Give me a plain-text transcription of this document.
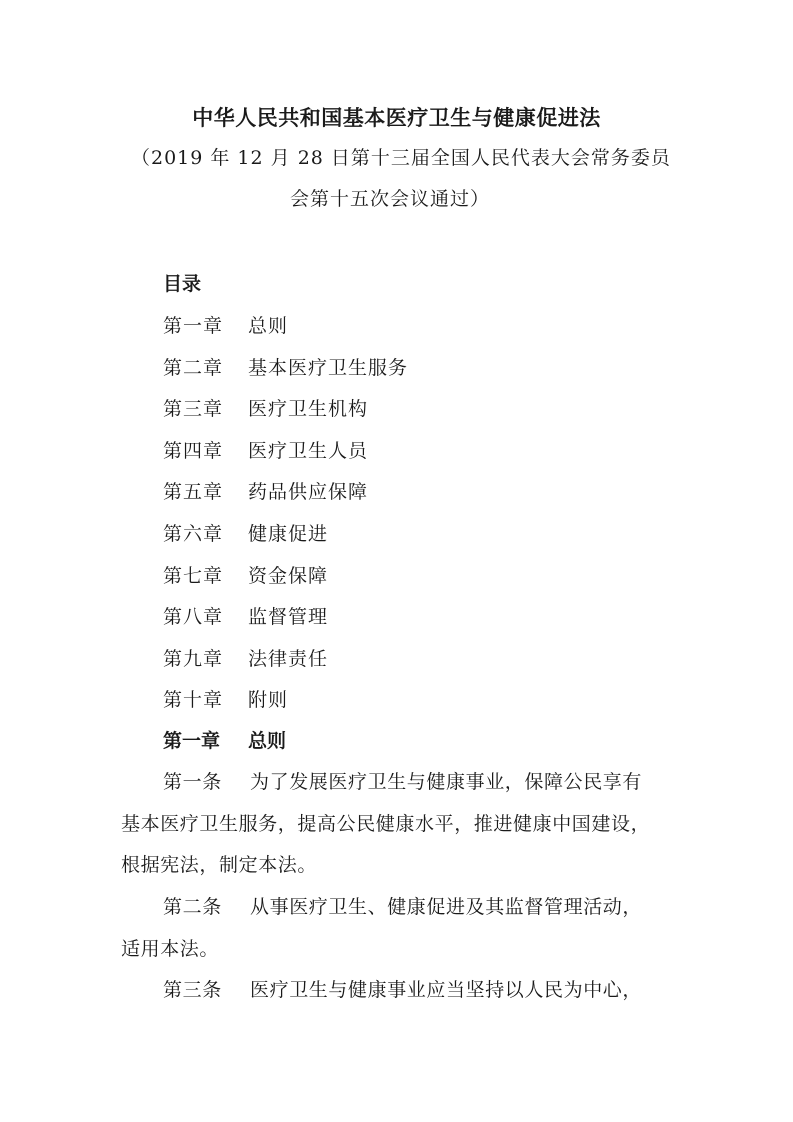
中华人民共和国基本医疗卫生与健康促进法
（2019 年 12 月 28 日第十三届全国人民代表大会常务委员
会第十五次会议通过）
目录
第一章 总则
第二章 基本医疗卫生服务
第三章 医疗卫生机构
第四章 医疗卫生人员
第五章 药品供应保障
第六章 健康促进
第七章 资金保障
第八章 监督管理
第九章 法律责任
第十章 附则
第一章 总则
第一条 为了发展医疗卫生与健康事业，保障公民享有
基本医疗卫生服务，提高公民健康水平，推进健康中国建设，
根据宪法，制定本法。
第二条 从事医疗卫生、健康促进及其监督管理活动，
适用本法。
第三条 医疗卫生与健康事业应当坚持以人民为中心，
